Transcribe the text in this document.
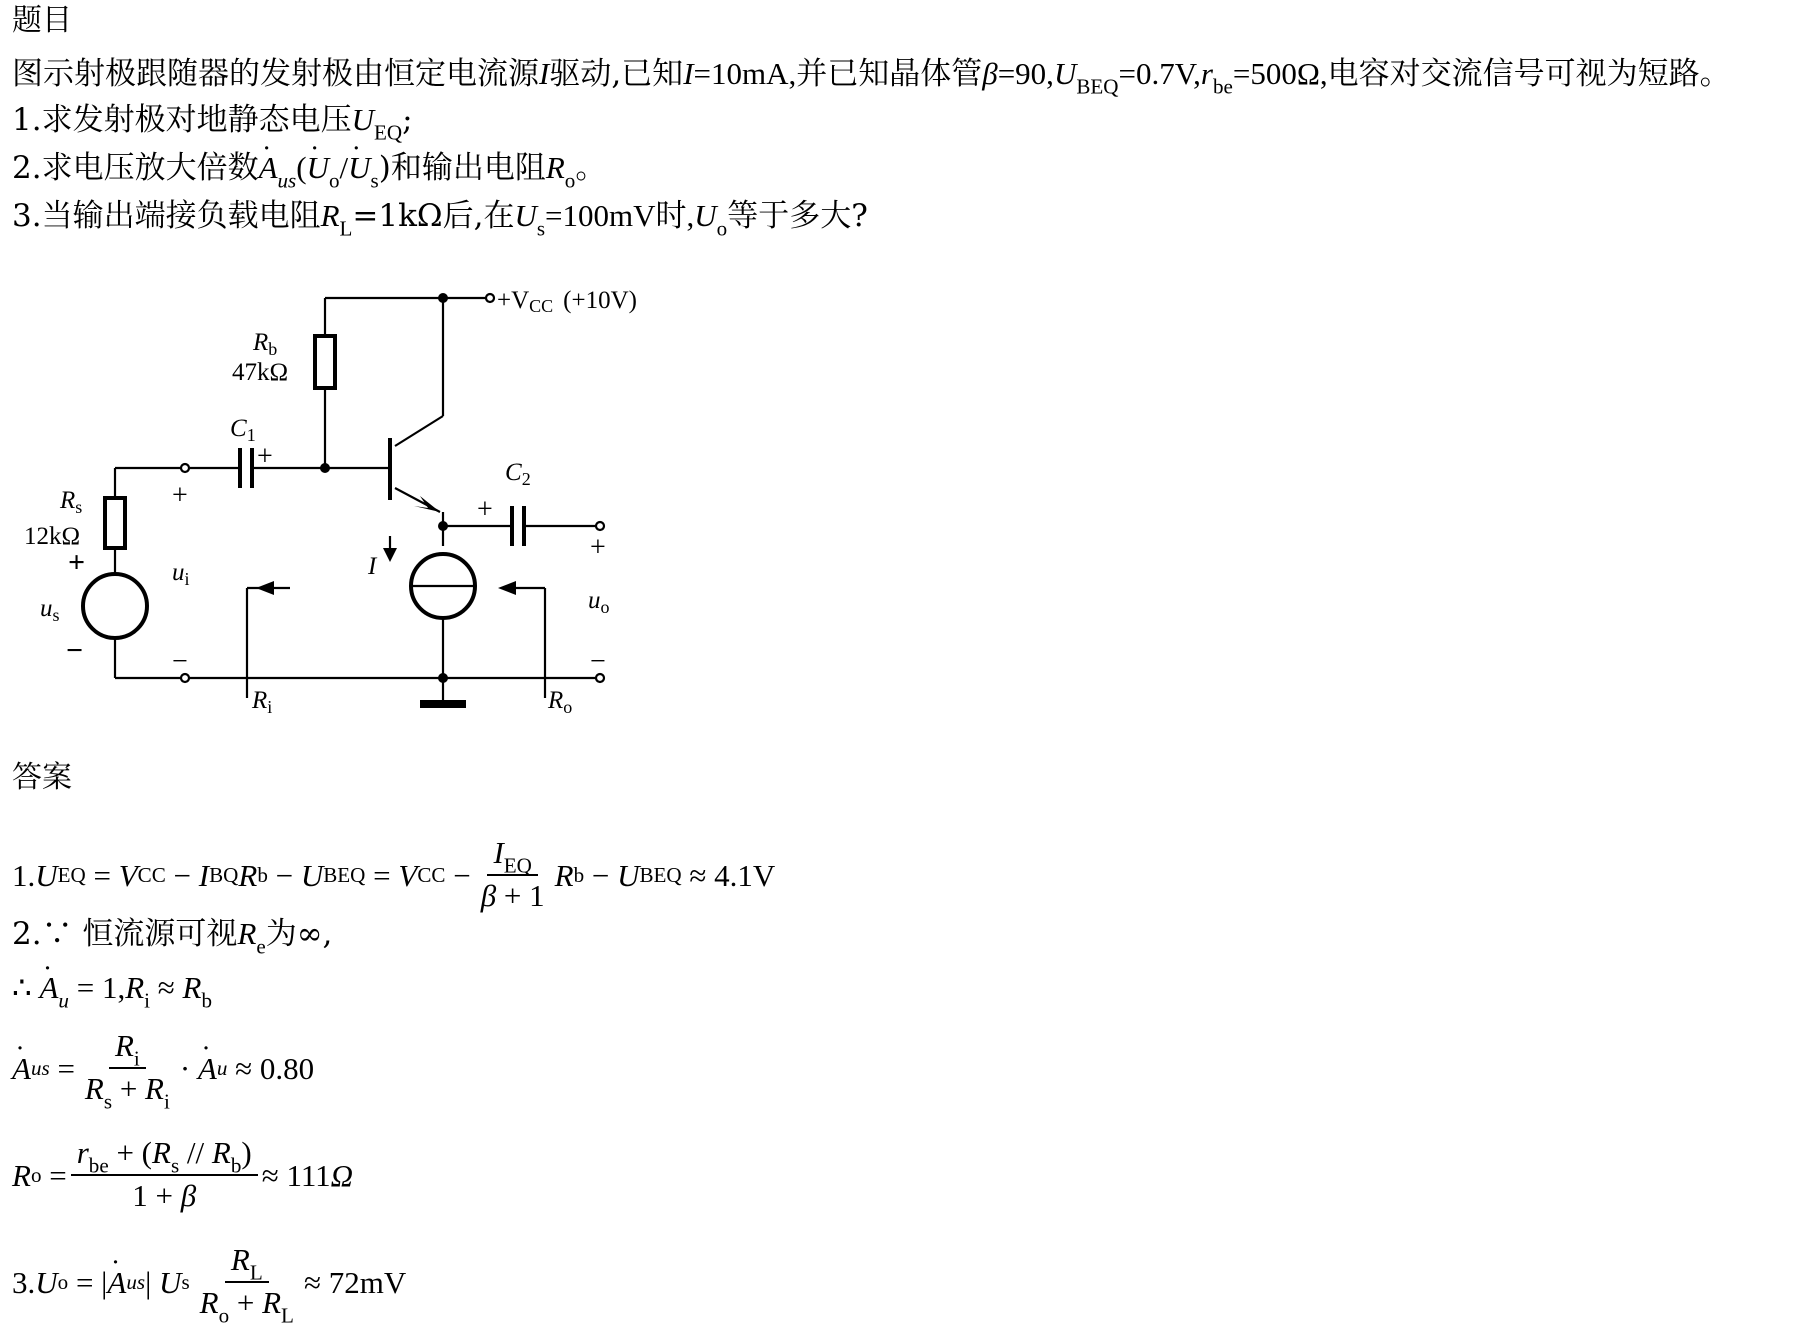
题目
图示射极跟随器的发射极由恒定电流源I驱动,已知I=10mA,并已知晶体管$\beta=90,U_{BEQ}=0.7V,r_{be}=500\Omega$,电容对交流信号可视为短路。
1.求发射极对地静态电压$U_{EQ}$;
2.求电压放大倍数· $A_{us}(\cdot U_o/\cdot U_s)$和输出电阻$R_o$。
3.当输出端接负载电阻$R_L=1k\Omega$后,在$U_s=100mV$时$,U_o$等于多大?
+VCC (+10V)
$R_b$
47kΩ
$C_1$
+
$C_2$
+
$R_s$
12kΩ
+
−
$u_s$
+
−
$u_i$
+
−
$u_o$
I
$R_i$	$R_o$
答案
1. U EQ = V CC − I BQ R b − U BEQ = V CC − $\frac{I_{EQ}}{\beta + 1}$ R b − U BEQ
≈ 4.1V
2.∵ 恒流源可视$R_e$为∞,
∴ · $A_u = 1,R_i \approx R_b$
· A us = $\frac{R_i}{R_s + R_i}$ · · A u
≈ 0.80
R $o = \frac{r_{be} + (R_s // R_b)}{1 + \beta} \approx 111$ Ω
3. U o = | · A us | U s $\frac{R_L}{R_o + R_L} \approx 72mV$
